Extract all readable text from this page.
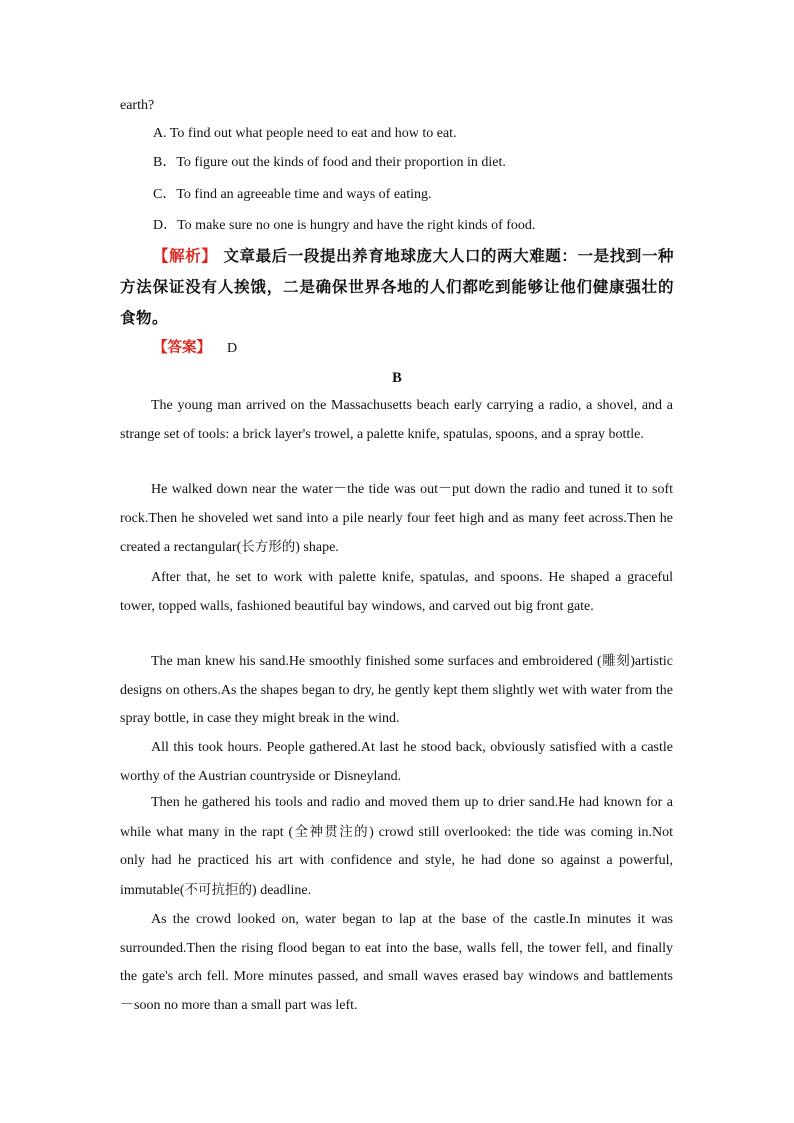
earth?
A. To find out what people need to eat and how to eat.
B．To figure out the kinds of food and their proportion in diet.
C．To find an agreeable time and ways of eating.
D．To make sure no one is hungry and have the right kinds of food.
【解析】 文章最后一段提出养育地球庞大人口的两大难题：一是找到一种方法保证没有人挨饿，二是确保世界各地的人们都吃到能够让他们健康强壮的食物。
【答案】 D
B
The young man arrived on the Massachusetts beach early carrying a radio, a shovel, and a strange set of tools: a brick layer's trowel, a palette knife, spatulas, spoons, and a spray bottle.
He walked down near the water－the tide was out－put down the radio and tuned it to soft rock.Then he shoveled wet sand into a pile nearly four feet high and as many feet across.Then he created a rectangular(长方形的) shape.
After that, he set to work with palette knife, spatulas, and spoons. He shaped a graceful tower, topped walls, fashioned beautiful bay windows, and carved out big front gate.
The man knew his sand.He smoothly finished some surfaces and embroidered (雕刻)artistic designs on others.As the shapes began to dry, he gently kept them slightly wet with water from the spray bottle, in case they might break in the wind.
All this took hours. People gathered.At last he stood back, obviously satisfied with a castle worthy of the Austrian countryside or Disneyland.
Then he gathered his tools and radio and moved them up to drier sand.He had known for a while what many in the rapt (全神贯注的) crowd still overlooked: the tide was coming in.Not only had he practiced his art with confidence and style, he had done so against a powerful, immutable(不可抗拒的) deadline.
As the crowd looked on, water began to lap at the base of the castle.In minutes it was surrounded.Then the rising flood began to eat into the base, walls fell, the tower fell, and finally the gate's arch fell. More minutes passed, and small waves erased bay windows and battlements －soon no more than a small part was left.
